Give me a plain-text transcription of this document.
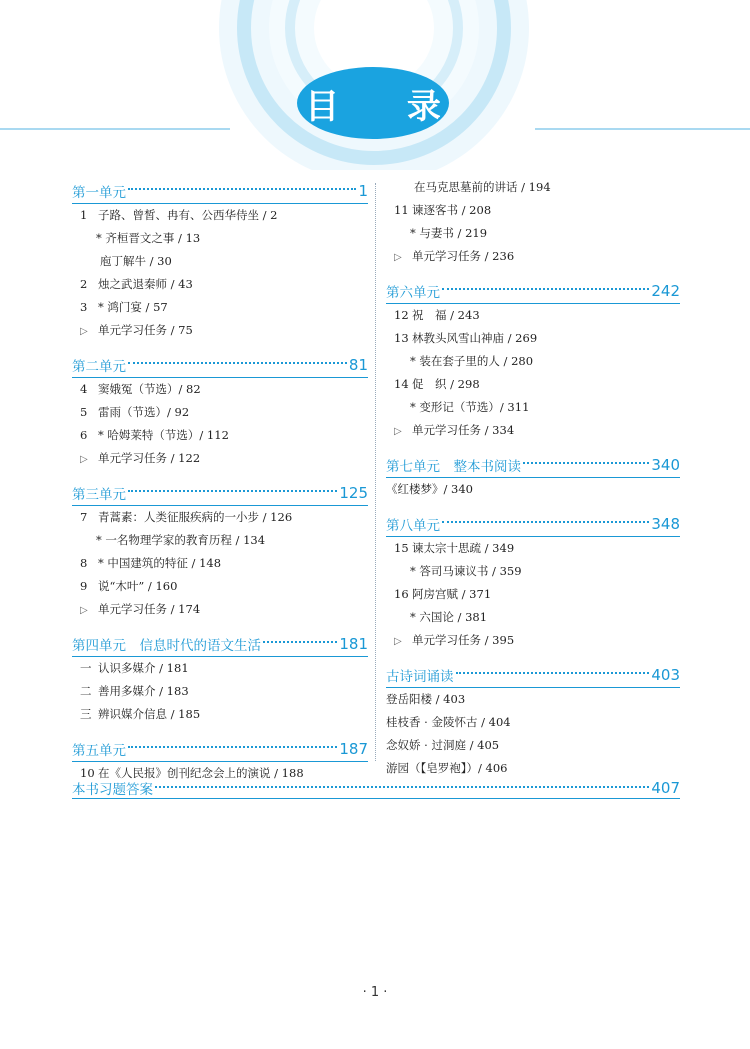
目 录
第一单元	1
1 子路、曾皙、冉有、公西华侍坐 / 2
* 齐桓晋文之事 / 13
庖丁解牛 / 30
2 烛之武退秦师 / 43
3 * 鸿门宴 / 57
▷ 单元学习任务 / 75
第二单元	81
4 窦娥冤（节选）/ 82
5 雷雨（节选）/ 92
6 * 哈姆莱特（节选）/ 112
▷ 单元学习任务 / 122
第三单元	125
7 青蒿素：人类征服疾病的一小步 / 126
* 一名物理学家的教育历程 / 134
8 * 中国建筑的特征 / 148
9 说“木叶” / 160
▷ 单元学习任务 / 174
第四单元　信息时代的语文生活	181
一 认识多媒介 / 181
二 善用多媒介 / 183
三 辨识媒介信息 / 185
第五单元	187
10 在《人民报》创刊纪念会上的演说 / 188
在马克思墓前的讲话 / 194
11 谏逐客书 / 208
* 与妻书 / 219
▷ 单元学习任务 / 236
第六单元	242
12 祝　福 / 243
13 林教头风雪山神庙 / 269
* 装在套子里的人 / 280
14 促　织 / 298
* 变形记（节选）/ 311
▷ 单元学习任务 / 334
第七单元　整本书阅读	340
《红楼梦》/ 340
第八单元	348
15 谏太宗十思疏 / 349
* 答司马谏议书 / 359
16 阿房宫赋 / 371
* 六国论 / 381
▷ 单元学习任务 / 395
古诗词诵读	403
登岳阳楼 / 403
桂枝香 · 金陵怀古 / 404
念奴娇 · 过洞庭 / 405
游园（【皂罗袍】）/ 406
本书习题答案	407
· 1 ·
